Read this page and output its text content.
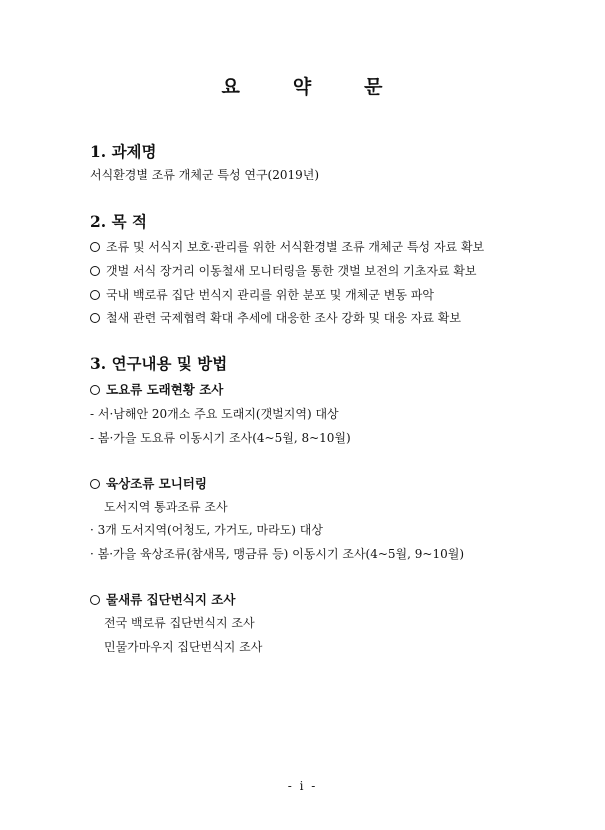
요	약	문
1. 과제명
서식환경별 조류 개체군 특성 연구(2019년)
2. 목 적
조류 및 서식지 보호·관리를 위한 서식환경별 조류 개체군 특성 자료 확보
갯벌 서식 장거리 이동철새 모니터링을 통한 갯벌 보전의 기초자료 확보
국내 백로류 집단 번식지 관리를 위한 분포 및 개체군 변동 파악
철새 관련 국제협력 확대 추세에 대응한 조사 강화 및 대응 자료 확보
3. 연구내용 및 방법
도요류 도래현황 조사
- 서·남해안 20개소 주요 도래지(갯벌지역) 대상
- 봄·가을 도요류 이동시기 조사(4~5월, 8~10월)
육상조류 모니터링
도서지역 통과조류 조사
· 3개 도서지역(어청도, 가거도, 마라도) 대상
· 봄·가을 육상조류(참새목, 맹금류 등) 이동시기 조사(4~5월, 9~10월)
물새류 집단번식지 조사
전국 백로류 집단번식지 조사
민물가마우지 집단번식지 조사
- i -
